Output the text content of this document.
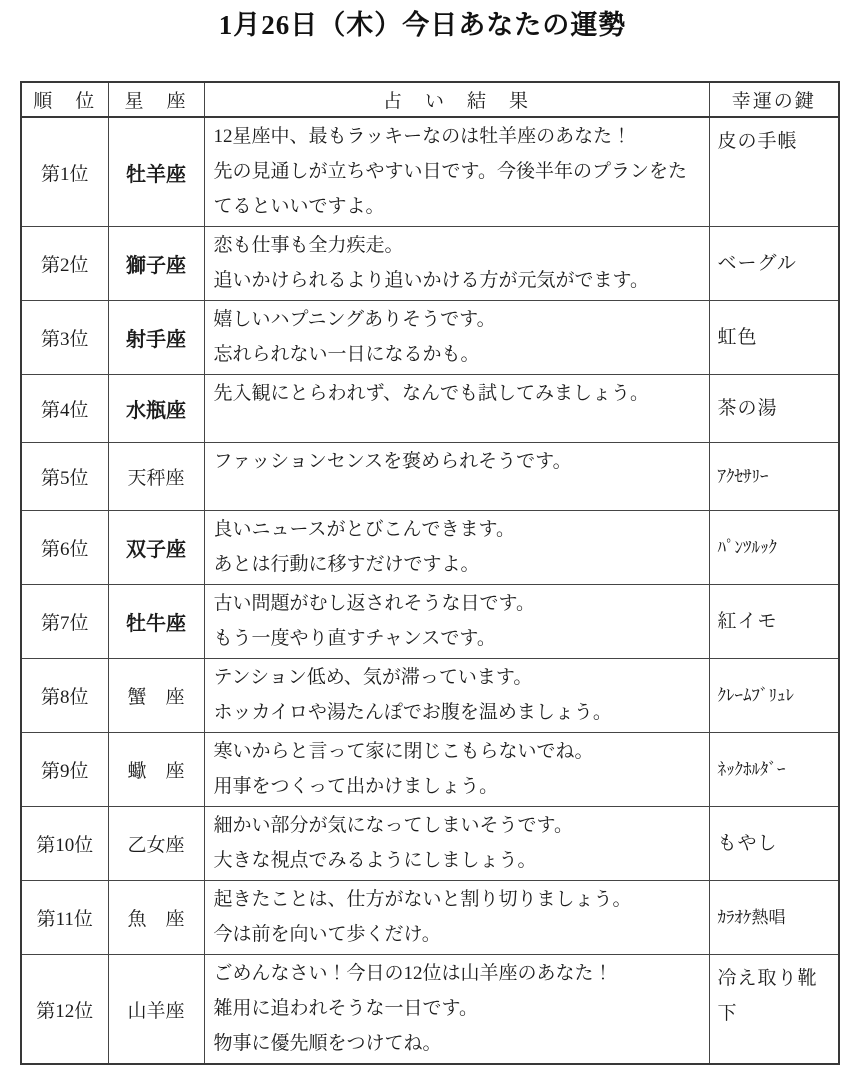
1月26日（木）今日あなたの運勢
順　位	星　座	占　い　結　果	幸運の鍵
第1位	牡羊座	12星座中、最もラッキーなのは牡羊座のあなた！
先の見通しが立ちやすい日です。今後半年のプランをたてるといいですよ。	皮の手帳
第2位	獅子座	恋も仕事も全力疾走。
追いかけられるより追いかける方が元気がでます。	ベーグル
第3位	射手座	嬉しいハプニングありそうです。
忘れられない一日になるかも。	虹色
第4位	水瓶座	先入観にとらわれず、なんでも試してみましょう。	茶の湯
第5位	天秤座	ファッションセンスを褒められそうです。	ｱｸｾｻﾘｰ
第6位	双子座	良いニュースがとびこんできます。
あとは行動に移すだけですよ。	ﾊﾟﾝﾂﾙｯｸ
第7位	牡牛座	古い問題がむし返されそうな日です。
もう一度やり直すチャンスです。	紅イモ
第8位	蟹　座	テンション低め、気が滞っています。
ホッカイロや湯たんぽでお腹を温めましょう。	ｸﾚｰﾑﾌﾞﾘｭﾚ
第9位	蠍　座	寒いからと言って家に閉じこもらないでね。
用事をつくって出かけましょう。	ﾈｯｸﾎﾙﾀﾞｰ
第10位	乙女座	細かい部分が気になってしまいそうです。
大きな視点でみるようにしましょう。	もやし
第11位	魚　座	起きたことは、仕方がないと割り切りましょう。
今は前を向いて歩くだけ。	ｶﾗｵｹ熱唱
第12位	山羊座	ごめんなさい！今日の12位は山羊座のあなた！
雑用に追われそうな一日です。
物事に優先順をつけてね。	冷え取り靴下
